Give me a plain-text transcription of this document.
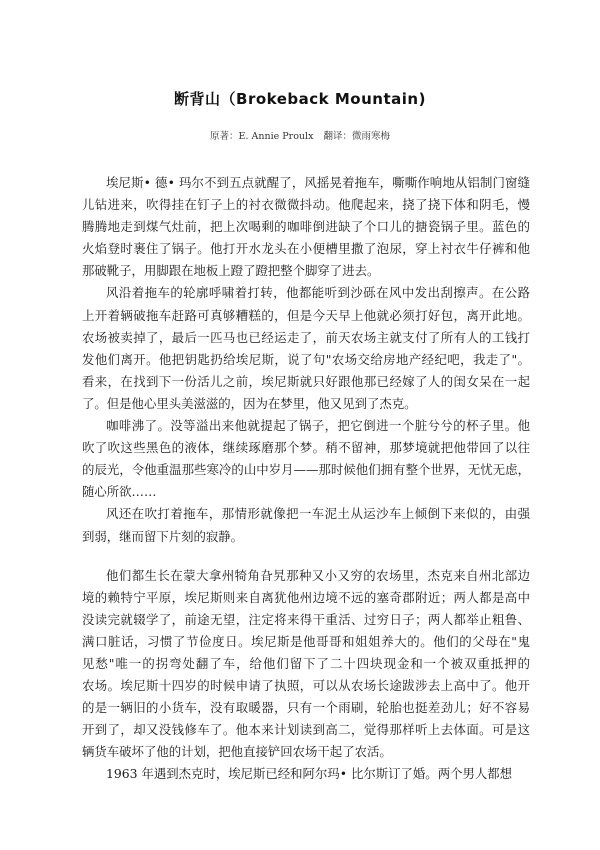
断背山（Brokeback Mountain)
原著：E. Annie Proulx 翻译：微雨寒梅
埃尼斯• 德• 玛尔不到五点就醒了，风摇晃着拖车，嘶嘶作响地从铝制门窗缝
儿钻进来，吹得挂在钉子上的衬衣微微抖动。他爬起来，挠了挠下体和阴毛，慢
腾腾地走到煤气灶前，把上次喝剩的咖啡倒进缺了个口儿的搪瓷锅子里。蓝色的
火焰登时裹住了锅子。他打开水龙头在小便槽里撒了泡尿，穿上衬衣牛仔裤和他
那破靴子，用脚跟在地板上蹬了蹬把整个脚穿了进去。
风沿着拖车的轮廓呼啸着打转，他都能听到沙砾在风中发出刮擦声。在公路
上开着辆破拖车赶路可真够糟糕的，但是今天早上他就必须打好包，离开此地。
农场被卖掉了，最后一匹马也已经运走了，前天农场主就支付了所有人的工钱打
发他们离开。他把钥匙扔给埃尼斯，说了句"农场交给房地产经纪吧，我走了"。
看来，在找到下一份活儿之前，埃尼斯就只好跟他那已经嫁了人的闺女呆在一起
了。但是他心里头美滋滋的，因为在梦里，他又见到了杰克。
咖啡沸了。没等溢出来他就提起了锅子，把它倒进一个脏兮兮的杯子里。他
吹了吹这些黑色的液体，继续琢磨那个梦。稍不留神，那梦境就把他带回了以往
的辰光，令他重温那些寒冷的山中岁月——那时候他们拥有整个世界，无忧无虑，
随心所欲……
风还在吹打着拖车，那情形就像把一车泥土从运沙车上倾倒下来似的，由强
到弱，继而留下片刻的寂静。
他们都生长在蒙大拿州犄角旮旯那种又小又穷的农场里，杰克来自州北部边
境的赖特宁平原，埃尼斯则来自离犹他州边境不远的塞奇郡附近；两人都是高中
没读完就辍学了，前途无望，注定将来得干重活、过穷日子；两人都举止粗鲁、
满口脏话，习惯了节俭度日。埃尼斯是他哥哥和姐姐养大的。他们的父母在"鬼
见愁"唯一的拐弯处翻了车，给他们留下了二十四块现金和一个被双重抵押的
农场。埃尼斯十四岁的时候申请了执照，可以从农场长途跋涉去上高中了。他开
的是一辆旧的小货车，没有取暖器，只有一个雨刷，轮胎也挺差劲儿；好不容易
开到了，却又没钱修车了。他本来计划读到高二，觉得那样听上去体面。可是这
辆货车破坏了他的计划，把他直接铲回农场干起了农活。
1963 年遇到杰克时，埃尼斯已经和阿尔玛• 比尔斯订了婚。两个男人都想
